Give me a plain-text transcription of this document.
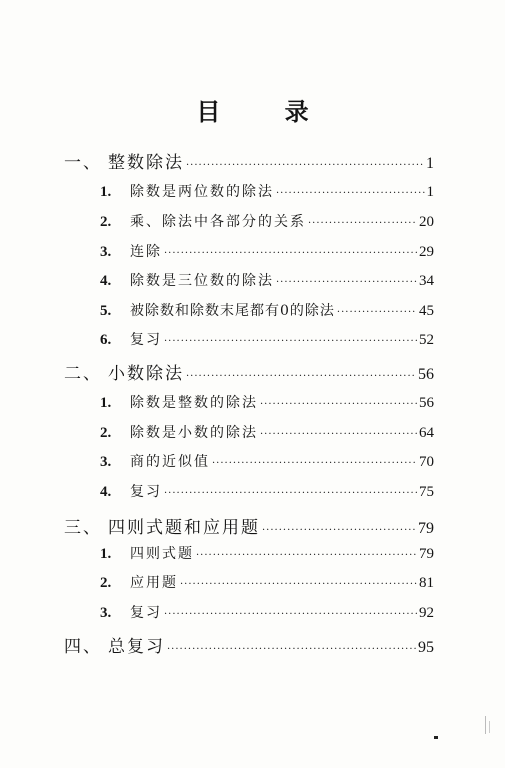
目 录
一、 整数除法 ·····	1
1.	除数是两位数的除法 ·····	1
2.	乘、除法中各部分的关系 ·····	20
3.	连除 ·····	29
4.	除数是三位数的除法 ·····	34
5.	被除数和除数末尾都有0的除法 ·····	45
6.	复习 ·····	52
二、 小数除法 ·····	56
1.	除数是整数的除法 ·····	56
2.	除数是小数的除法 ·····	64
3.	商的近似值 ·····	70
4.	复习 ·····	75
三、 四则式题和应用题 ·····	79
1.	四则式题 ·····	79
2.	应用题 ·····	81
3.	复习 ·····	92
四、 总复习 ·····	95
